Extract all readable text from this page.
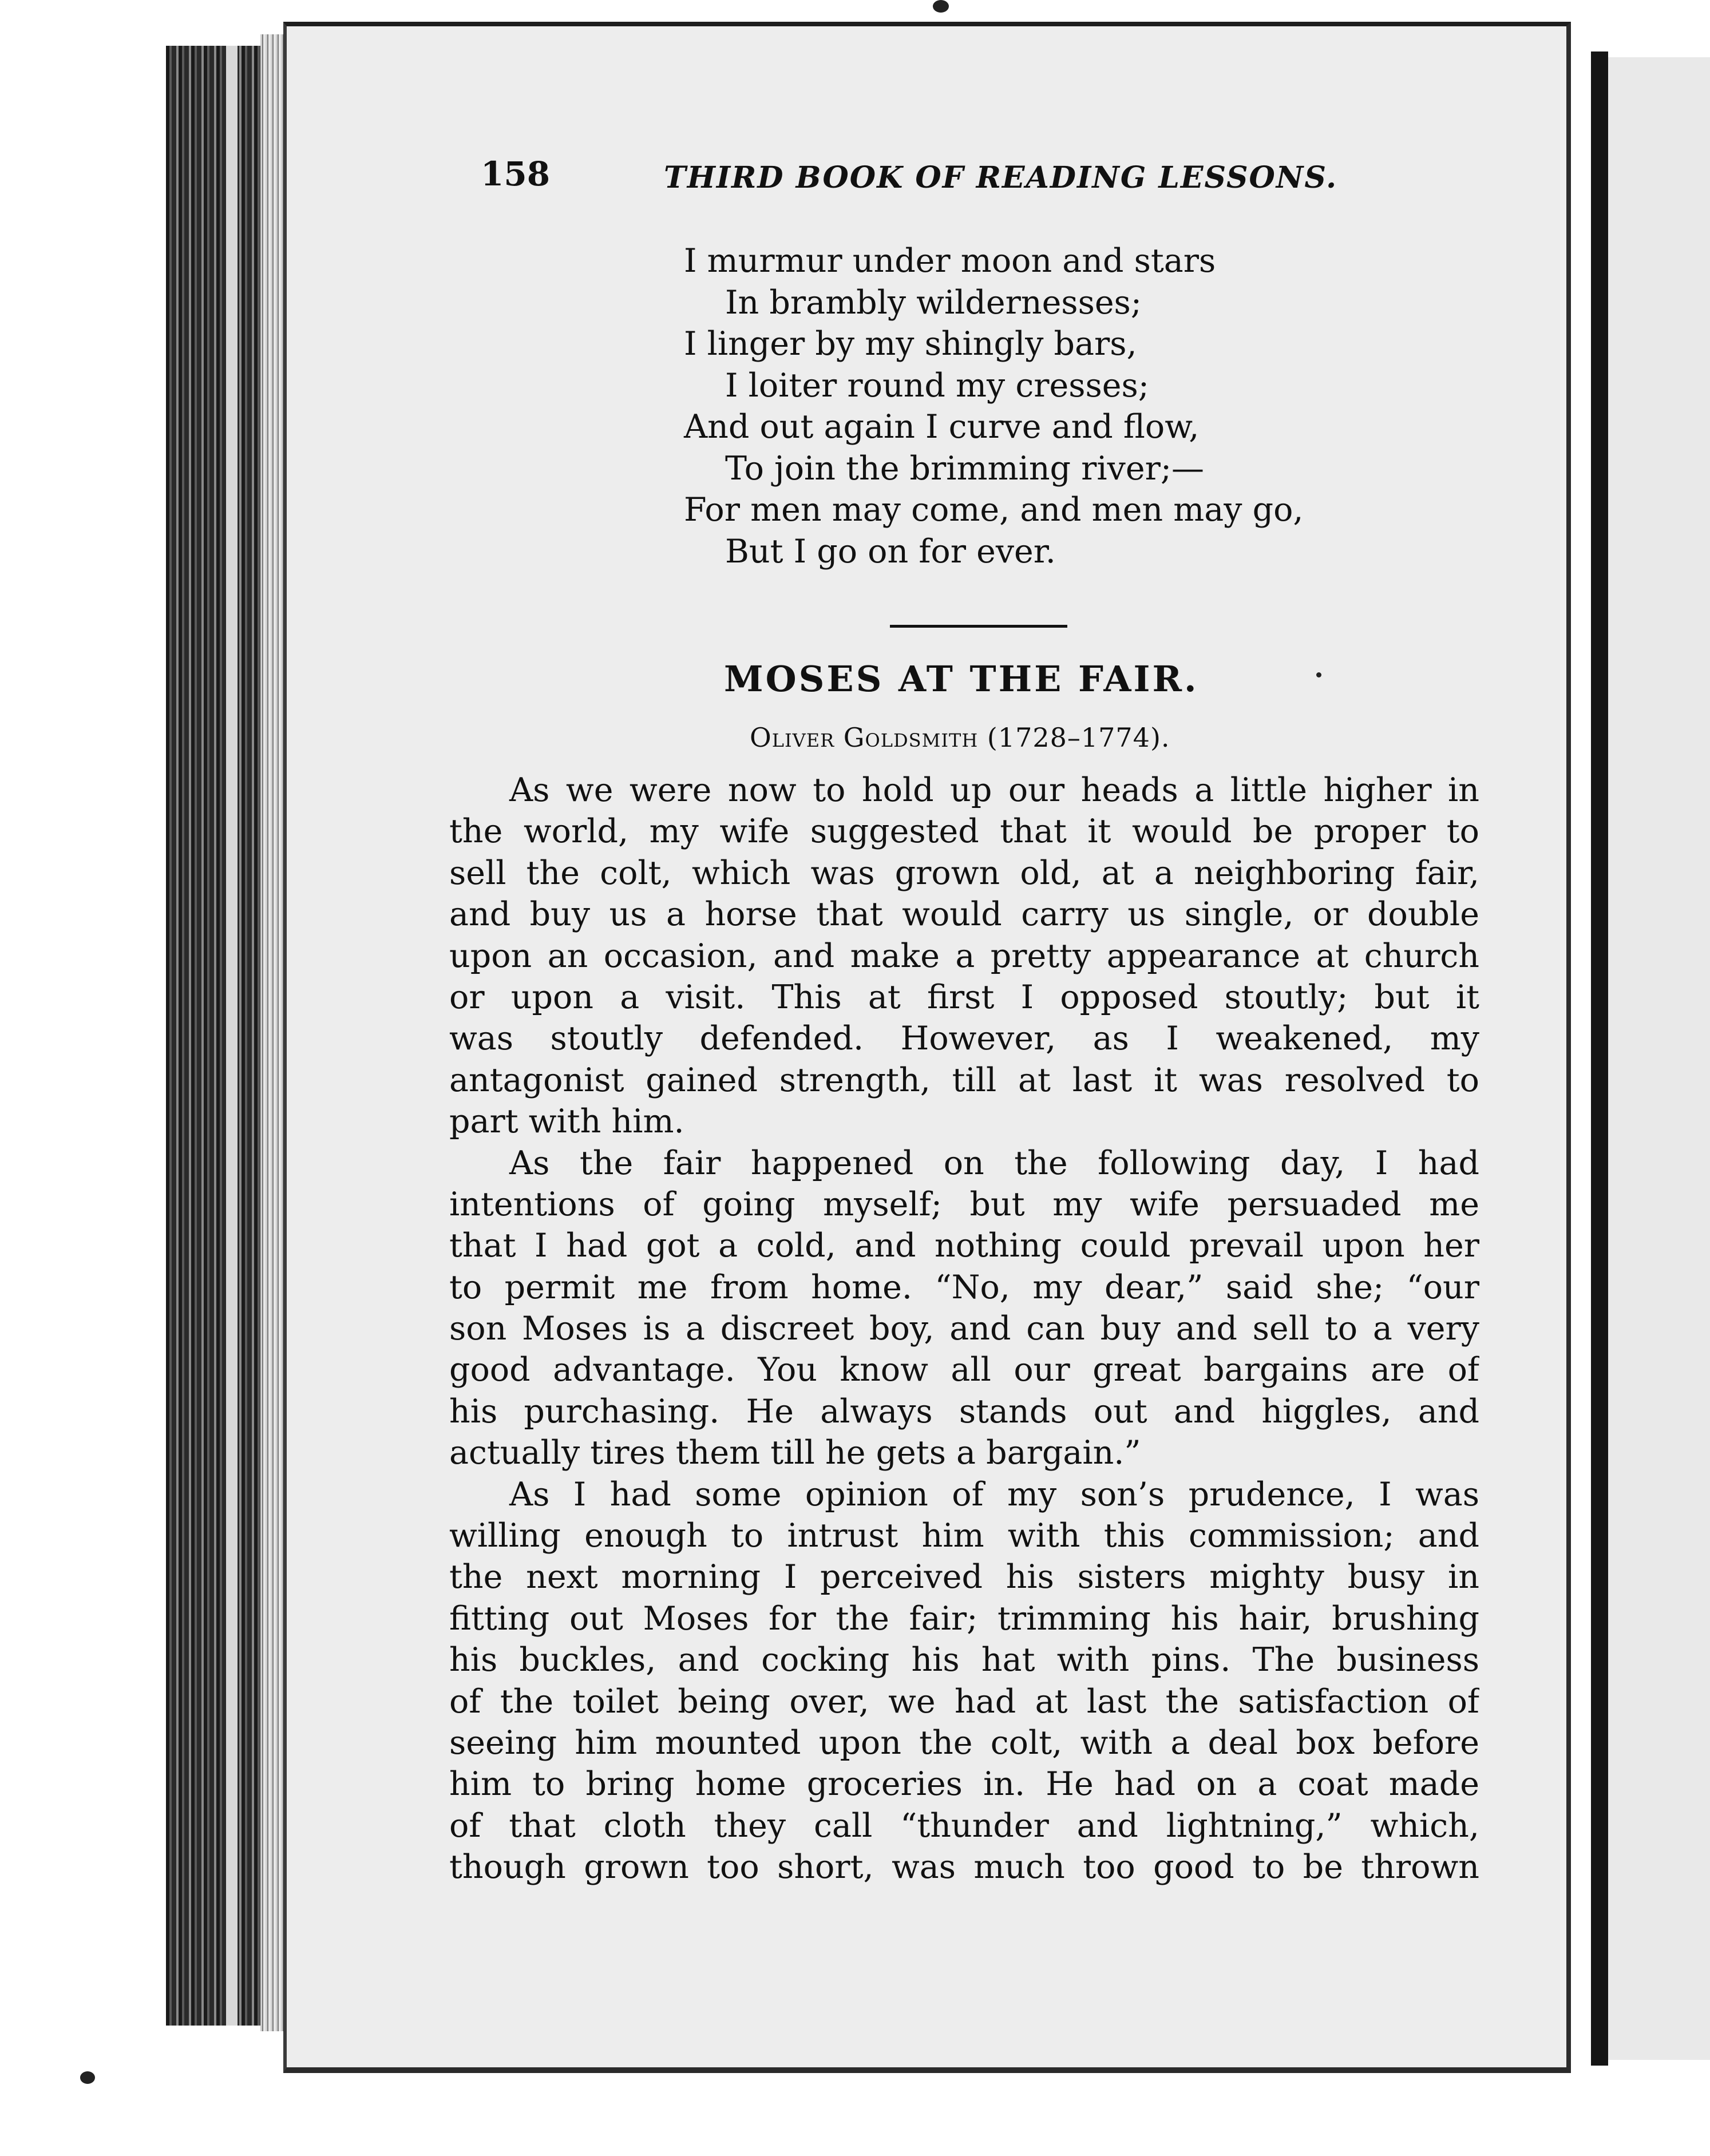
158	THIRD BOOK OF READING LESSONS.
I murmur under moon and stars
In brambly wildernesses;
I linger by my shingly bars,
I loiter round my cresses;
And out again I curve and flow,
To join the brimming river;—
For men may come, and men may go,
But I go on for ever.
MOSES AT THE FAIR.
Oliver Goldsmith (1728–1774).
As we were now to hold up our heads a little higher in
the world, my wife suggested that it would be proper to
sell the colt, which was grown old, at a neighboring fair,
and buy us a horse that would carry us single, or double
upon an occasion, and make a pretty appearance at church
or upon a visit. This at first I opposed stoutly; but it
was stoutly defended. However, as I weakened, my
antagonist gained strength, till at last it was resolved to
part with him.
As the fair happened on the following day, I had
intentions of going myself; but my wife persuaded me
that I had got a cold, and nothing could prevail upon her
to permit me from home. “No, my dear,” said she; “our
son Moses is a discreet boy, and can buy and sell to a very
good advantage. You know all our great bargains are of
his purchasing. He always stands out and higgles, and
actually tires them till he gets a bargain.”
As I had some opinion of my son’s prudence, I was
willing enough to intrust him with this commission; and
the next morning I perceived his sisters mighty busy in
fitting out Moses for the fair; trimming his hair, brushing
his buckles, and cocking his hat with pins. The business
of the toilet being over, we had at last the satisfaction of
seeing him mounted upon the colt, with a deal box before
him to bring home groceries in. He had on a coat made
of that cloth they call “thunder and lightning,” which,
though grown too short, was much too good to be thrown
